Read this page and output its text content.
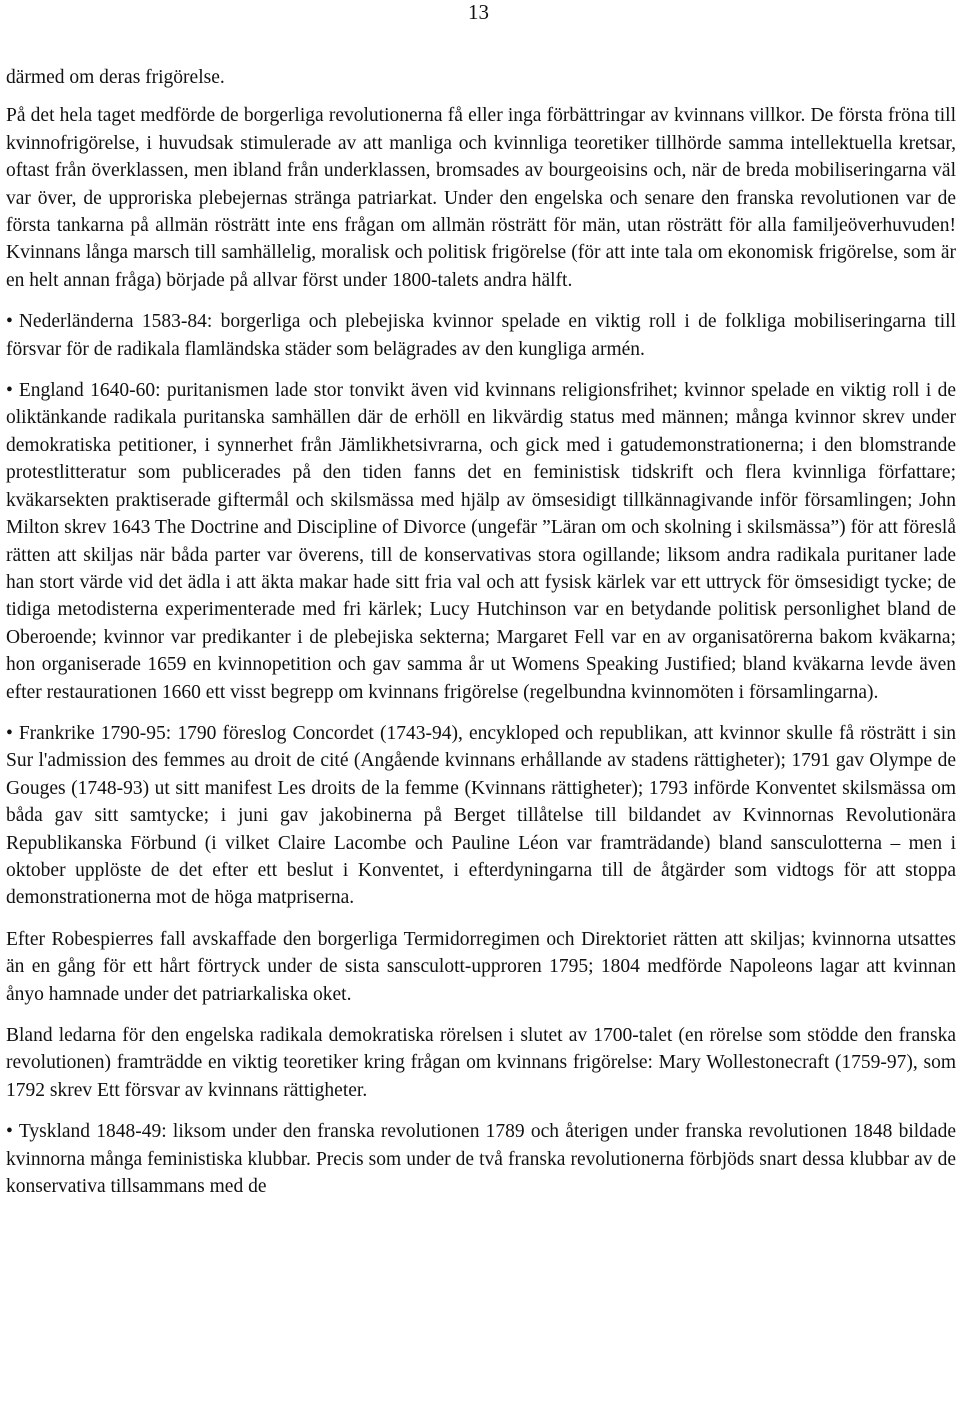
13

därmed om deras frigörelse.

På det hela taget medförde de borgerliga revolutionerna få eller inga förbättringar av kvinnans villkor. De första fröna till kvinnofrigörelse, i huvudsak stimulerade av att manliga och kvinnliga teoretiker tillhörde samma intellektuella kretsar, oftast från överklassen, men ibland från underklassen, bromsades av bourgeoisins och, när de breda mobiliseringarna väl var över, de upproriska plebejernas stränga patriarkat. Under den engelska och senare den franska revolutionen var de första tankarna på allmän rösträtt inte ens frågan om allmän rösträtt för män, utan rösträtt för alla familjeöverhuvuden! Kvinnans långa marsch till samhällelig, moralisk och politisk frigörelse (för att inte tala om ekonomisk frigörelse, som är en helt annan fråga) började på allvar först under 1800-talets andra hälft.

• Nederländerna 1583-84: borgerliga och plebejiska kvinnor spelade en viktig roll i de folkliga mobiliseringarna till försvar för de radikala flamländska städer som belägrades av den kungliga armén.

• England 1640-60: puritanismen lade stor tonvikt även vid kvinnans religionsfrihet; kvinnor spelade en viktig roll i de oliktänkande radikala puritanska samhällen där de erhöll en likvärdig status med männen; många kvinnor skrev under demokratiska petitioner, i synnerhet från Jämlikhetsivrarna, och gick med i gatudemonstrationerna; i den blomstrande protestlitteratur som publicerades på den tiden fanns det en feministisk tidskrift och flera kvinnliga författare; kväkarsekten praktiserade giftermål och skilsmässa med hjälp av ömsesidigt tillkännagivande inför församlingen; John Milton skrev 1643 The Doctrine and Discipline of Divorce (ungefär ”Läran om och skolning i skilsmässa”) för att föreslå rätten att skiljas när båda parter var överens, till de konservativas stora ogillande; liksom andra radikala puritaner lade han stort värde vid det ädla i att äkta makar hade sitt fria val och att fysisk kärlek var ett uttryck för ömsesidigt tycke; de tidiga metodisterna experimenterade med fri kärlek; Lucy Hutchinson var en betydande politisk personlighet bland de Oberoende; kvinnor var predikanter i de plebejiska sekterna; Margaret Fell var en av organisatörerna bakom kväkarna; hon organiserade 1659 en kvinnopetition och gav samma år ut Womens Speaking Justified; bland kväkarna levde även efter restaurationen 1660 ett visst begrepp om kvinnans frigörelse (regelbundna kvinnomöten i församlingarna).

• Frankrike 1790-95: 1790 föreslog Concordet (1743-94), encykloped och republikan, att kvinnor skulle få rösträtt i sin Sur l'admission des femmes au droit de cité (Angående kvinnans erhållande av stadens rättigheter); 1791 gav Olympe de Gouges (1748-93) ut sitt manifest Les droits de la femme (Kvinnans rättigheter); 1793 införde Konventet skilsmässa om båda gav sitt samtycke; i juni gav jakobinerna på Berget tillåtelse till bildandet av Kvinnornas Revolutionära Republikanska Förbund (i vilket Claire Lacombe och Pauline Léon var framträdande) bland sansculotterna – men i oktober upplöste de det efter ett beslut i Konventet, i efterdyningarna till de åtgärder som vidtogs för att stoppa demonstrationerna mot de höga matpriserna.

Efter Robespierres fall avskaffade den borgerliga Termidorregimen och Direktoriet rätten att skiljas; kvinnorna utsattes än en gång för ett hårt förtryck under de sista sansculott-upproren 1795; 1804 medförde Napoleons lagar att kvinnan ånyo hamnade under det patriarkaliska oket.

Bland ledarna för den engelska radikala demokratiska rörelsen i slutet av 1700-talet (en rörelse som stödde den franska revolutionen) framträdde en viktig teoretiker kring frågan om kvinnans frigörelse: Mary Wollestonecraft (1759-97), som 1792 skrev Ett försvar av kvinnans rättigheter.

• Tyskland 1848-49: liksom under den franska revolutionen 1789 och återigen under franska revolutionen 1848 bildade kvinnorna många feministiska klubbar. Precis som under de två franska revolutionerna förbjöds snart dessa klubbar av de konservativa tillsammans med de
